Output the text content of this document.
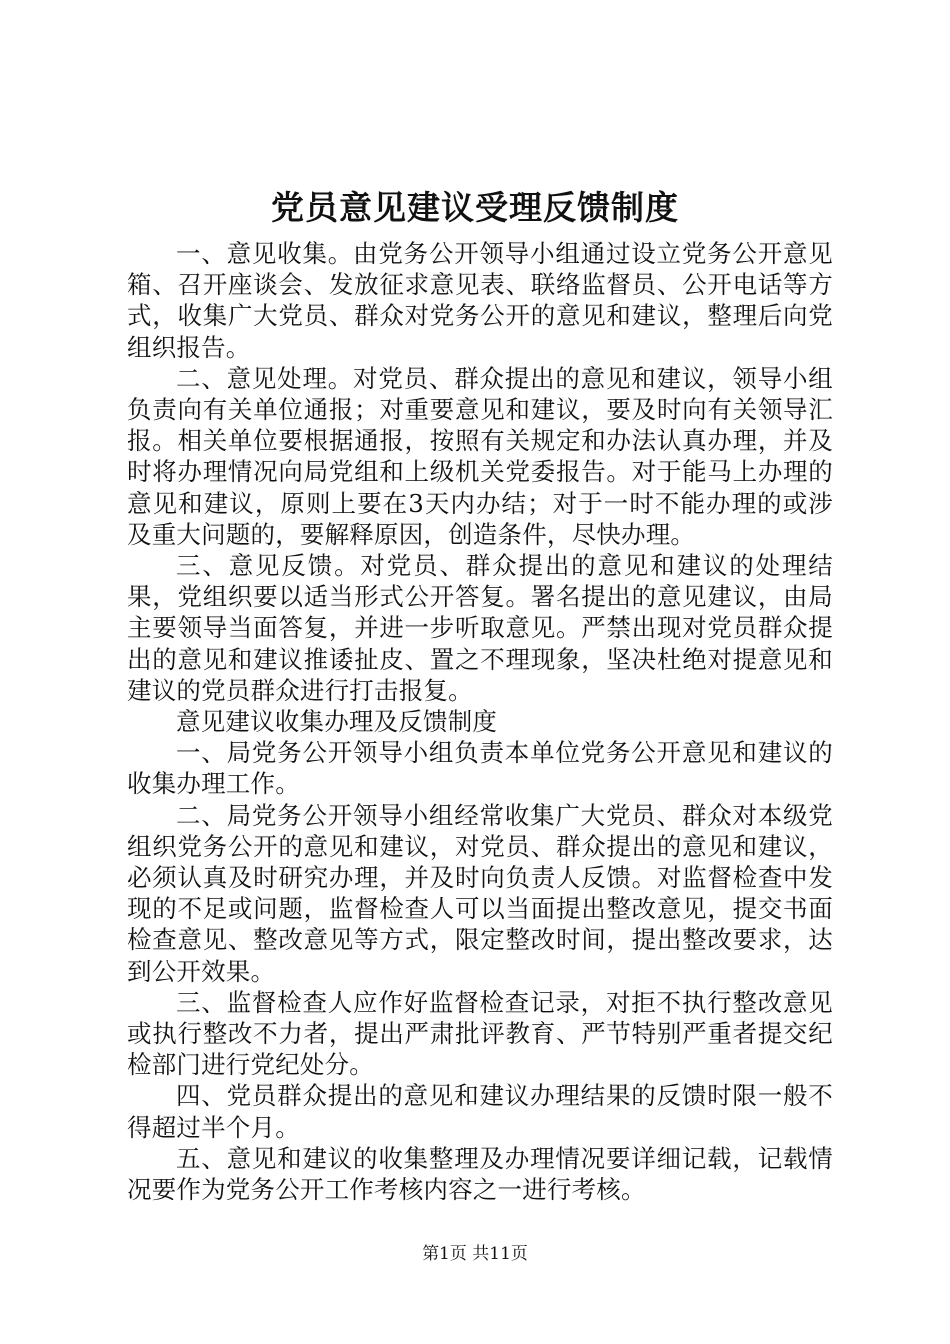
党员意见建议受理反馈制度

一、意见收集。由党务公开领导小组通过设立党务公开意见箱、召开座谈会、发放征求意见表、联络监督员、公开电话等方式，收集广大党员、群众对党务公开的意见和建议，整理后向党组织报告。

二、意见处理。对党员、群众提出的意见和建议，领导小组负责向有关单位通报；对重要意见和建议，要及时向有关领导汇报。相关单位要根据通报，按照有关规定和办法认真办理，并及时将办理情况向局党组和上级机关党委报告。对于能马上办理的意见和建议，原则上要在3天内办结；对于一时不能办理的或涉及重大问题的，要解释原因，创造条件，尽快办理。

三、意见反馈。对党员、群众提出的意见和建议的处理结果，党组织要以适当形式公开答复。署名提出的意见建议，由局主要领导当面答复，并进一步听取意见。严禁出现对党员群众提出的意见和建议推诿扯皮、置之不理现象，坚决杜绝对提意见和建议的党员群众进行打击报复。

意见建议收集办理及反馈制度

一、局党务公开领导小组负责本单位党务公开意见和建议的收集办理工作。

二、局党务公开领导小组经常收集广大党员、群众对本级党组织党务公开的意见和建议，对党员、群众提出的意见和建议，必须认真及时研究办理，并及时向负责人反馈。对监督检查中发现的不足或问题，监督检查人可以当面提出整改意见，提交书面检查意见、整改意见等方式，限定整改时间，提出整改要求，达到公开效果。

三、监督检查人应作好监督检查记录，对拒不执行整改意见或执行整改不力者，提出严肃批评教育、严节特别严重者提交纪检部门进行党纪处分。

四、党员群众提出的意见和建议办理结果的反馈时限一般不得超过半个月。

五、意见和建议的收集整理及办理情况要详细记载，记载情况要作为党务公开工作考核内容之一进行考核。

第1页 共11页
